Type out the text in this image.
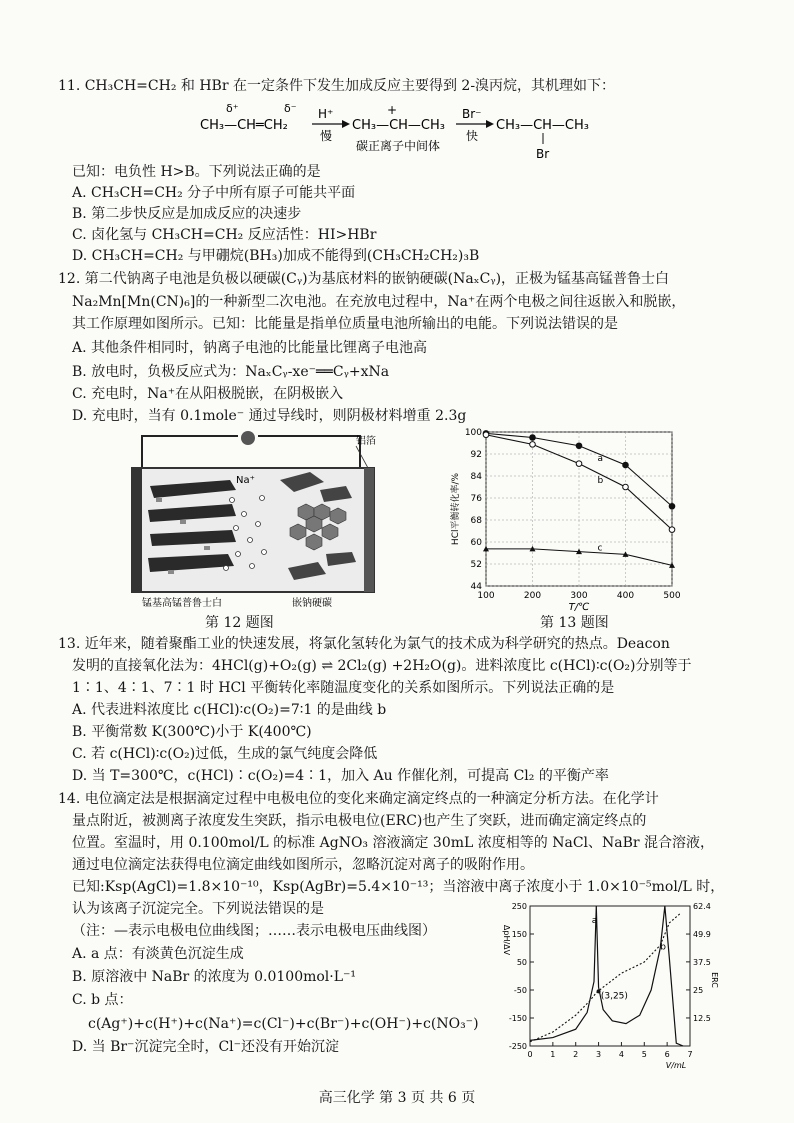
11. CH₃CH=CH₂ 和 HBr 在一定条件下发生加成反应主要得到 2-溴丙烷，其机理如下：
δ⁺	δ⁻
CH₃—CH═CH₂
H⁺
慢
+
CH₃—CH—CH₃
碳正离子中间体
Br⁻
快
CH₃—CH—CH₃
Br
已知：电负性 H>B。下列说法正确的是
A. CH₃CH=CH₂ 分子中所有原子可能共平面
B. 第二步快反应是加成反应的决速步
C. 卤化氢与 CH₃CH=CH₂ 反应活性：HI>HBr
D. CH₃CH=CH₂ 与甲硼烷(BH₃)加成不能得到(CH₃CH₂CH₂)₃B
12. 第二代钠离子电池是负极以硬碳(Cᵧ)为基底材料的嵌钠硬碳(NaₓCᵧ)，正极为锰基高锰普鲁士白
Na₂Mn[Mn(CN)₆]的一种新型二次电池。在充放电过程中，Na⁺在两个电极之间往返嵌入和脱嵌，
其工作原理如图所示。已知：比能量是指单位质量电池所输出的电能。下列说法错误的是
A. 其他条件相同时，钠离子电池的比能量比锂离子电池高
B. 放电时，负极反应式为：NaₓCᵧ-xe⁻══Cᵧ+xNa
C. 充电时，Na⁺在从阳极脱嵌，在阴极嵌入
D. 充电时，当有 0.1mole⁻ 通过导线时，则阴极材料增重 2.3g
Na⁺
铝箔
锰基高锰普鲁士白	嵌钠硬碳
第 12 题图
44
52
60
68
76
84
92
100
100	200	300	400	500
HCl平衡转化率/%
T/℃
a
b
c
第 13 题图
13. 近年来，随着聚酯工业的快速发展，将氯化氢转化为氯气的技术成为科学研究的热点。Deacon
发明的直接氧化法为：4HCl(g)+O₂(g) ⇌ 2Cl₂(g) +2H₂O(g)。进料浓度比 c(HCl)∶c(O₂)分别等于
1∶1、4∶1、7∶1 时 HCl 平衡转化率随温度变化的关系如图所示。下列说法正确的是
A. 代表进料浓度比 c(HCl)∶c(O₂)=7∶1 的是曲线 b
B. 平衡常数 K(300℃)小于 K(400℃)
C. 若 c(HCl)∶c(O₂)过低，生成的氯气纯度会降低
D. 当 T=300℃，c(HCl)∶c(O₂)=4∶1，加入 Au 作催化剂，可提高 Cl₂ 的平衡产率
14. 电位滴定法是根据滴定过程中电极电位的变化来确定滴定终点的一种滴定分析方法。在化学计
量点附近，被测离子浓度发生突跃，指示电极电位(ERC)也产生了突跃，进而确定滴定终点的
位置。室温时，用 0.100mol/L 的标准 AgNO₃ 溶液滴定 30mL 浓度相等的 NaCl、NaBr 混合溶液，
通过电位滴定法获得电位滴定曲线如图所示，忽略沉淀对离子的吸附作用。
已知:Ksp(AgCl)=1.8×10⁻¹⁰，Ksp(AgBr)=5.4×10⁻¹³；当溶液中离子浓度小于 1.0×10⁻⁵mol/L 时，
认为该离子沉淀完全。下列说法错误的是
（注：—表示电极电位曲线图；……表示电极电压曲线图）
A. a 点：有淡黄色沉淀生成
B. 原溶液中 NaBr 的浓度为 0.0100mol·L⁻¹
C. b 点：
c(Ag⁺)+c(H⁺)+c(Na⁺)=c(Cl⁻)+c(Br⁻)+c(OH⁻)+c(NO₃⁻)
D. 当 Br⁻沉淀完全时，Cl⁻还没有开始沉淀
250
150
50
-50
-150
-250
62.4
49.9
37.5
25
12.5
0 1 2 3 4 5 6 7
V/mL
ΔpH/ΔV
ERC
a
b
(3,25)
高三化学 第 3 页 共 6 页
